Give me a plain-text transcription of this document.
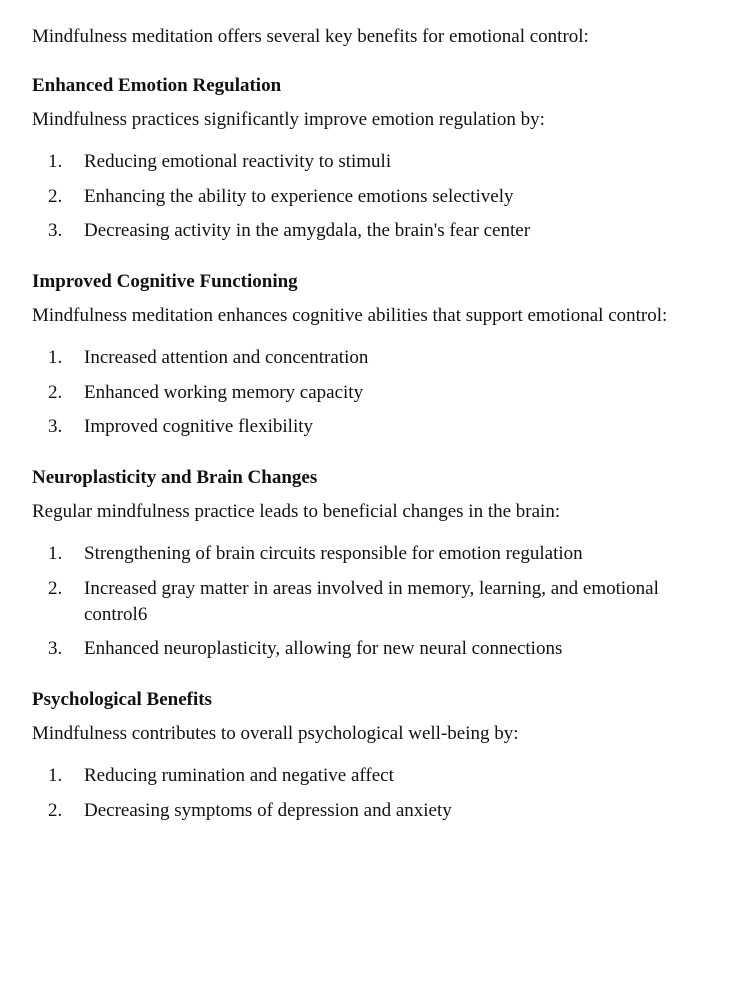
Mindfulness meditation offers several key benefits for emotional control:

Enhanced Emotion Regulation

Mindfulness practices significantly improve emotion regulation by:

1.	Reducing emotional reactivity to stimuli
2.	Enhancing the ability to experience emotions selectively
3.	Decreasing activity in the amygdala, the brain's fear center
Improved Cognitive Functioning

Mindfulness meditation enhances cognitive abilities that support emotional control:

1.	Increased attention and concentration
2.	Enhanced working memory capacity
3.	Improved cognitive flexibility
Neuroplasticity and Brain Changes

Regular mindfulness practice leads to beneficial changes in the brain:

1.	Strengthening of brain circuits responsible for emotion regulation
2.	Increased gray matter in areas involved in memory, learning, and emotional control6
3.	Enhanced neuroplasticity, allowing for new neural connections
Psychological Benefits

Mindfulness contributes to overall psychological well-being by:

1.	Reducing rumination and negative affect
2.	Decreasing symptoms of depression and anxiety
